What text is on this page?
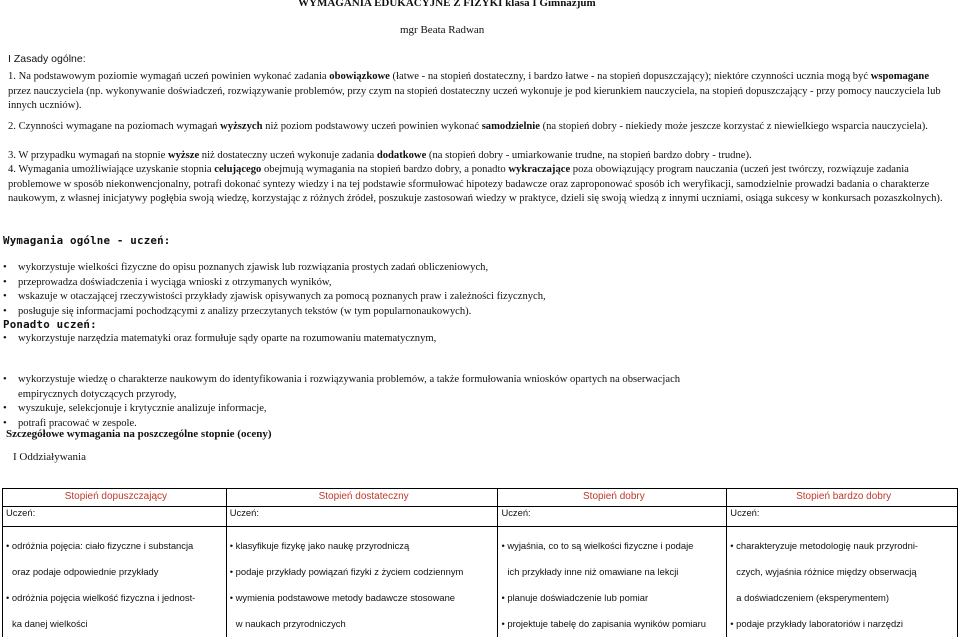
WYMAGANIA EDUKACYJNE Z FIZYKI klasa I Gimnazjum
mgr Beata Radwan
I Zasady ogólne:
1. Na podstawowym poziomie wymagań uczeń powinien wykonać zadania obowiązkowe (łatwe - na stopień dostateczny, i bardzo łatwe - na stopień dopuszczający); niektóre czynności ucznia mogą być wspomagane przez nauczyciela (np. wykonywanie doświadczeń, rozwiązywanie problemów, przy czym na stopień dostateczny uczeń wykonuje je pod kierunkiem nauczyciela, na stopień dopuszczający - przy pomocy nauczyciela lub innych uczniów).
2. Czynności wymagane na poziomach wymagań wyższych niż poziom podstawowy uczeń powinien wykonać samodzielnie (na stopień dobry - niekiedy może jeszcze korzystać z niewielkiego wsparcia nauczyciela).
3. W przypadku wymagań na stopnie wyższe niż dostateczny uczeń wykonuje zadania dodatkowe (na stopień dobry - umiarkowanie trudne, na stopień bardzo dobry - trudne).
4. Wymagania umożliwiające uzyskanie stopnia celującego obejmują wymagania na stopień bardzo dobry, a ponadto wykraczające poza obowiązujący program nauczania (uczeń jest twórczy, rozwiązuje zadania problemowe w sposób niekonwencjonalny, potrafi dokonać syntezy wiedzy i na tej podstawie sformułować hipotezy badawcze oraz zaproponować sposób ich weryfikacji, samodzielnie prowadzi badania o charakterze naukowym, z własnej inicjatywy pogłębia swoją wiedzę, korzystając z różnych źródeł, poszukuje zastosowań wiedzy w praktyce, dzieli się swoją wiedzą z innymi uczniami, osiąga sukcesy w konkursach pozaszkolnych).
Wymagania ogólne - uczeń:
• wykorzystuje wielkości fizyczne do opisu poznanych zjawisk lub rozwiązania prostych zadań obliczeniowych,
• przeprowadza doświadczenia i wyciąga wnioski z otrzymanych wyników,
• wskazuje w otaczającej rzeczywistości przykłady zjawisk opisywanych za pomocą poznanych praw i zależności fizycznych,
• posługuje się informacjami pochodzącymi z analizy przeczytanych tekstów (w tym popularnonaukowych).
Ponadto uczeń:
• wykorzystuje narzędzia matematyki oraz formułuje sądy oparte na rozumowaniu matematycznym,
• wykorzystuje wiedzę o charakterze naukowym do identyfikowania i rozwiązywania problemów, a także formułowania wniosków opartych na obserwacjach empirycznych dotyczących przyrody,
• wyszukuje, selekcjonuje i krytycznie analizuje informacje,
• potrafi pracować w zespole.
Szczegółowe wymagania na poszczególne stopnie (oceny)
I Oddziaływania
Stopień dopuszczający	Stopień dostateczny	Stopień dobry	Stopień bardzo dobry
Uczeń:	Uczeń:	Uczeń:	Uczeń:

• odróżnia pojęcia: ciało fizyczne i substancja
oraz podaje odpowiednie przykłady
• odróżnia pojęcia wielkość fizyczna i jednost-
ka danej wielkości	• klasyfikuje fizykę jako naukę przyrodniczą
• podaje przykłady powiązań fizyki z życiem codziennym
• wymienia podstawowe metody badawcze stosowane
w naukach przyrodniczych	• wyjaśnia, co to są wielkości fizyczne i podaje
ich przykłady inne niż omawiane na lekcji
• planuje doświadczenie lub pomiar
• projektuje tabelę do zapisania wyników pomiaru	• charakteryzuje metodologię nauk przyrodni-
czych, wyjaśnia różnice między obserwacją
a doświadczeniem (eksperymentem)
• podaje przykłady laboratoriów i narzędzi
